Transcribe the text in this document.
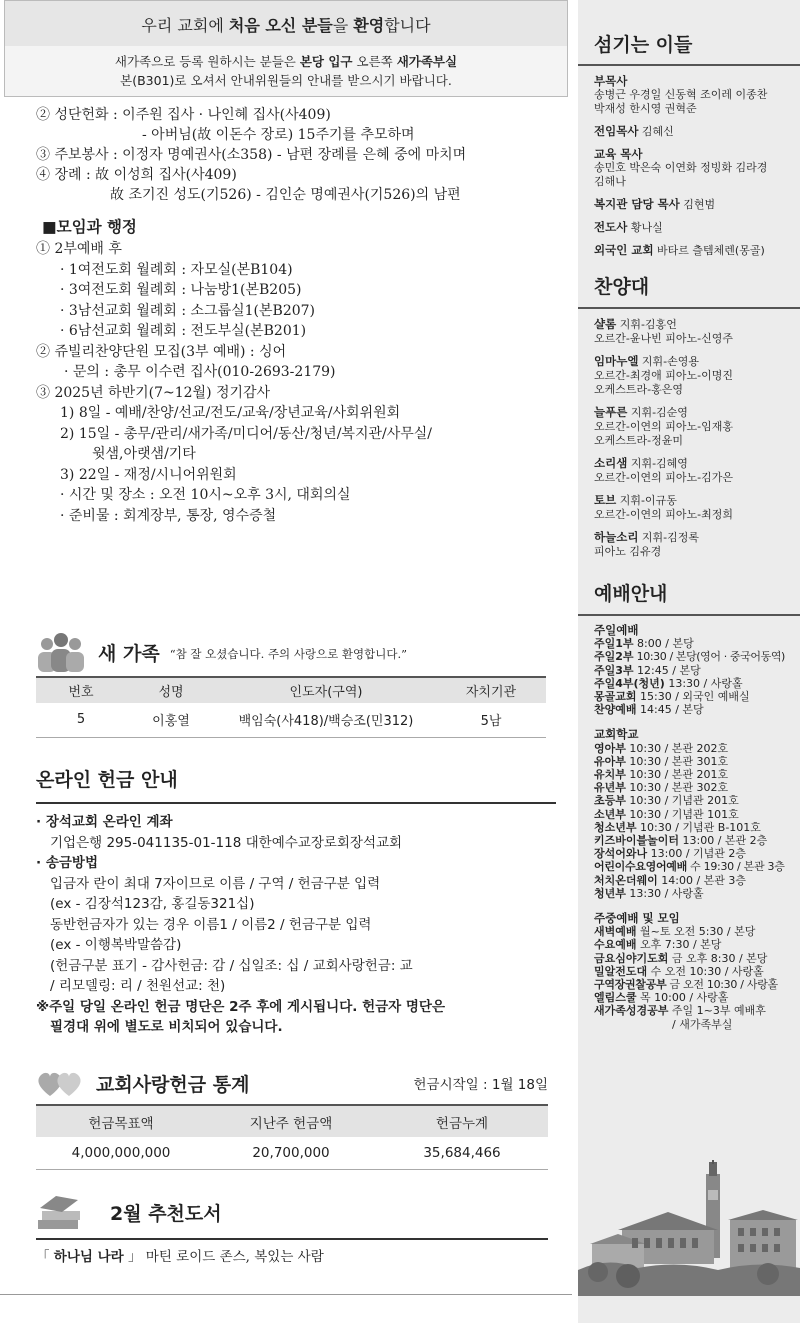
우리 교회에 처음 오신 분들을 환영합니다
새가족으로 등록 원하시는 분들은 본당 입구 오른쪽 새가족부실
본(B301)로 오셔서 안내위원들의 안내를 받으시기 바랍니다.
② 성단헌화 : 이주원 집사 · 나인혜 집사(사409)
- 아버님(故 이돈수 장로) 15주기를 추모하며
③ 주보봉사 : 이정자 명예권사(소358) - 남편 장례를 은혜 중에 마치며
④ 장례 : 故 이성희 집사(사409)
故 조기진 성도(기526) - 김인순 명예권사(기526)의 남편
■모임과 행정
① 2부예배 후
· 1여전도회 월례회 : 자모실(본B104)
· 3여전도회 월례회 : 나눔방1(본B205)
· 3남선교회 월례회 : 소그룹실1(본B207)
· 6남선교회 월례회 : 전도부실(본B201)
② 쥬빌리찬양단원 모집(3부 예배) : 싱어
· 문의 : 총무 이수련 집사(010-2693-2179)
③ 2025년 하반기(7~12월) 정기감사
1) 8일 - 예배/찬양/선교/전도/교육/장년교육/사회위원회
2) 15일 - 총무/관리/새가족/미디어/동산/청년/복지관/사무실/
윗샘,아랫샘/기타
3) 22일 - 재정/시니어위원회
· 시간 및 장소 : 오전 10시~오후 3시, 대회의실
· 준비물 : 회계장부, 통장, 영수증철
새 가족 “참 잘 오셨습니다. 주의 사랑으로 환영합니다.”
번호	성명	인도자(구역)	자치기관
5	이홍열	백임숙(사418)/백승조(민312)	5남
온라인 헌금 안내
· 장석교회 온라인 계좌
기업은행 295-041135-01-118 대한예수교장로회장석교회
· 송금방법
입금자 란이 최대 7자이므로 이름 / 구역 / 헌금구분 입력
(ex - 김장석123감, 홍길동321십)
동반헌금자가 있는 경우 이름1 / 이름2 / 헌금구분 입력
(ex - 이행복박말씀감)
(헌금구분 표기 - 감사헌금: 감 / 십일조: 십 / 교회사랑헌금: 교
/ 리모델링: 리 / 천원선교: 천)
※주일 당일 온라인 헌금 명단은 2주 후에 게시됩니다. 헌금자 명단은
필경대 위에 별도로 비치되어 있습니다.
교회사랑헌금 통계	헌금시작일 : 1월 18일
헌금목표액	지난주 헌금액	헌금누계
4,000,000,000	20,700,000	35,684,466
2월 추천도서
「 하나님 나라 」 마틴 로이드 존스, 복있는 사람
섬기는 이들
부목사
송병근 우경일 신동혁 조이레 이종찬
박재성 한시영 권혁준
전임목사 김혜신
교육 목사
송민호 박은숙 이연화 정빙화 김라경
김해나
복지관 담당 목사 김현범
전도사 황나실
외국인 교회 바타르 츨템체렌(몽골)
찬양대
샬롬 지휘-김홍언
오르간-윤나빈 피아노-신영주
임마누엘 지휘-손영용
오르간-최경애 피아노-이명진
오케스트라-홍은영
늘푸른 지휘-김순영
오르간-이연의 피아노-임재홍
오케스트라-정윤미
소리샘 지휘-김혜영
오르간-이연의 피아노-김가은
토브 지휘-이규동
오르간-이연의 피아노-최정희
하늘소리 지휘-김정록
피아노 김유경
예배안내
주일예배
주일1부 8:00 / 본당
주일2부 10:30 / 본당(영어 · 중국어동역)
주일3부 12:45 / 본당
주일4부(청년) 13:30 / 사랑홀
몽골교회 15:30 / 외국인 예배실
찬양예배 14:45 / 본당
교회학교
영아부 10:30 / 본관 202호
유아부 10:30 / 본관 301호
유치부 10:30 / 본관 201호
유년부 10:30 / 본관 302호
초등부 10:30 / 기념관 201호
소년부 10:30 / 기념관 101호
청소년부 10:30 / 기념관 B-101호
키즈바이블놀이터 13:00 / 본관 2층
장석어와나 13:00 / 기념관 2층
어린이수요영어예배 수 19:30 / 본관 3층
처치온더웨이 14:00 / 본관 3층
청년부 13:30 / 사랑홀
주중예배 및 모임
새벽예배 월~토 오전 5:30 / 본당
수요예배 오후 7:30 / 본당
금요심야기도회 금 오후 8:30 / 본당
밀알전도대 수 오전 10:30 / 사랑홀
구역장권찰공부 금 오전 10:30 / 사랑홀
엘림스쿨 목 10:00 / 사랑홀
새가족성경공부 주일 1~3부 예배후
/ 새가족부실
